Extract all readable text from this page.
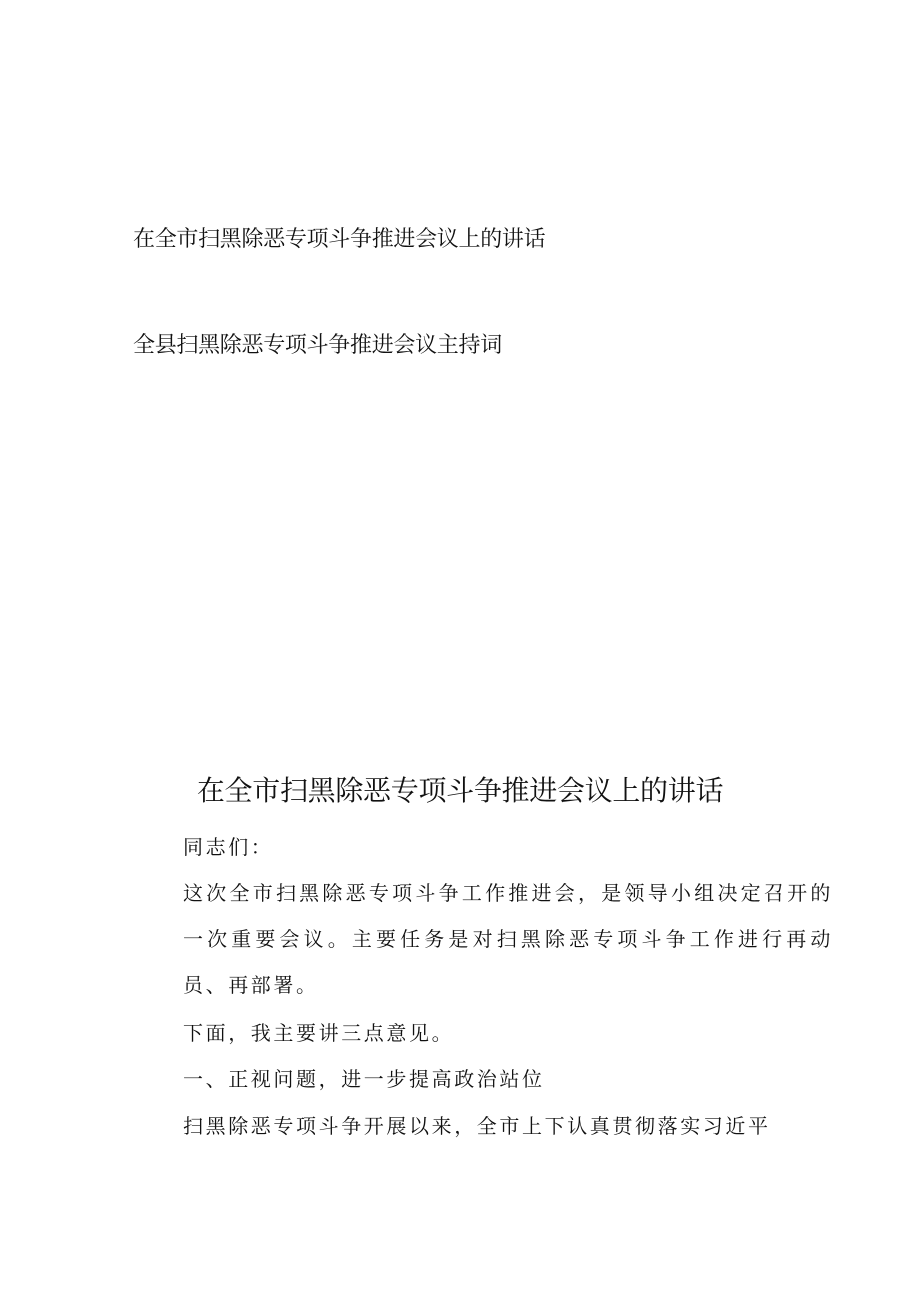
在全市扫黑除恶专项斗争推进会议上的讲话
全县扫黑除恶专项斗争推进会议主持词
在全市扫黑除恶专项斗争推进会议上的讲话
同志们：
这次全市扫黑除恶专项斗争工作推进会，是领导小组决定召开的一次重要会议。主要任务是对扫黑除恶专项斗争工作进行再动员、再部署。
下面，我主要讲三点意见。
一、正视问题，进一步提高政治站位
扫黑除恶专项斗争开展以来，全市上下认真贯彻落实习近平
